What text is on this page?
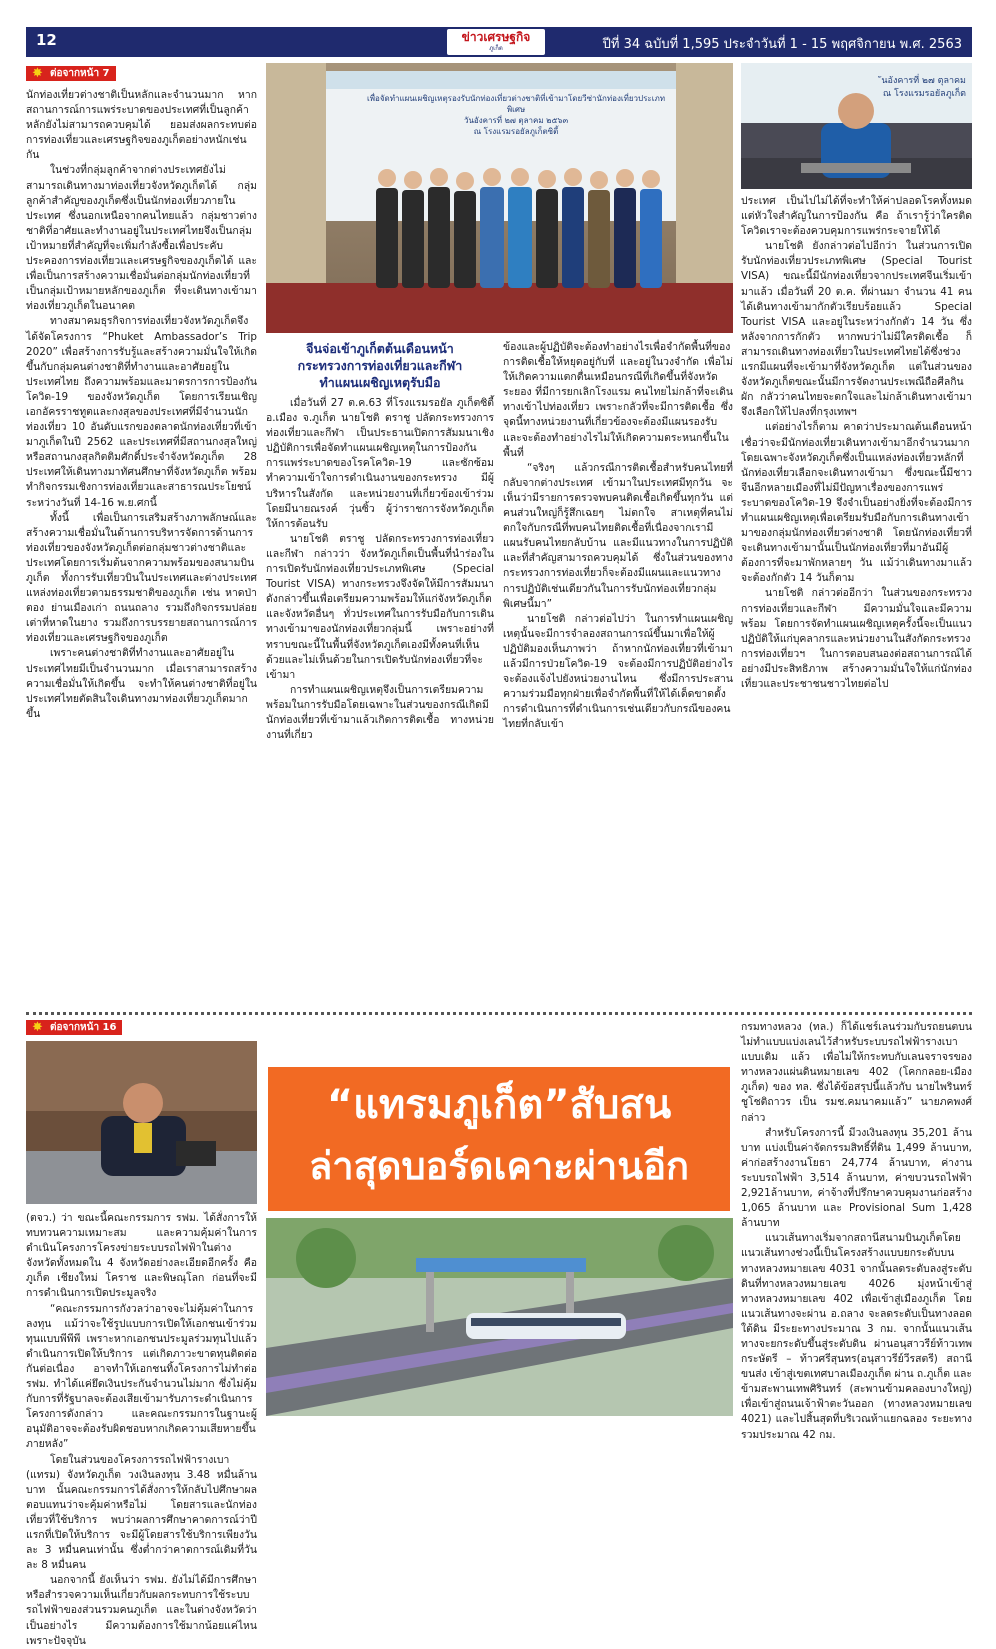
12	ข่าวเศรษฐกิจ
ภูเก็ต	ปีที่ 34 ฉบับที่ 1,595 ประจำวันที่ 1 - 15 พฤศจิกายน พ.ศ. 2563
✸ ต่อจากหน้า 7

นักท่องเที่ยวต่างชาติเป็นหลักและจำนวนมาก หากสถานการณ์การแพร่ระบาดของประเทศที่เป็นลูกค้าหลักยังไม่สามารถควบคุมได้ ยอมส่งผลกระทบต่อการท่องเที่ยวและเศรษฐกิจของภูเก็ตอย่างหนักเช่นกัน

ในช่วงที่กลุ่มลูกค้าจากต่างประเทศยังไม่สามารถเดินทางมาท่องเที่ยวจังหวัดภูเก็ตได้ กลุ่มลูกค้าสำคัญของภูเก็ตซึ่งเป็นนักท่องเที่ยวภายในประเทศ ซึ่งนอกเหนือจากคนไทยแล้ว กลุ่มชาวต่างชาติที่อาศัยและทำงานอยู่ในประเทศไทยจึงเป็นกลุ่มเป้าหมายที่สำคัญที่จะเพิ่มกำลังซื้อเพื่อประคับประคองการท่องเที่ยวและเศรษฐกิจของภูเก็ตได้ และเพื่อเป็นการสร้างความเชื่อมั่นต่อกลุ่มนักท่องเที่ยวที่เป็นกลุ่มเป้าหมายหลักของภูเก็ต ที่จะเดินทางเข้ามาท่องเที่ยวภูเก็ตในอนาคต

ทางสมาคมธุรกิจการท่องเที่ยวจังหวัดภูเก็ตจึงได้จัดโครงการ “Phuket Ambassador’s Trip 2020” เพื่อสร้างการรับรู้และสร้างความมั่นใจให้เกิดขึ้นกับกลุ่มคนต่างชาติที่ทำงานและอาศัยอยู่ในประเทศไทย ถึงความพร้อมและมาตรการการป้องกันโควิด-19 ของจังหวัดภูเก็ต โดยการเรียนเชิญเอกอัครราชทูตและกงสุลของประเทศที่มีจำนวนนักท่องเที่ยว 10 อันดับแรกของตลาดนักท่องเที่ยวที่เข้ามาภูเก็ตในปี 2562 และประเทศที่มีสถานกงสุลใหญ่ หรือสถานกงสุลกิตติมศักดิ์ประจำจังหวัดภูเก็ต 28 ประเทศให้เดินทางมาทัศนศึกษาที่จังหวัดภูเก็ต พร้อมทำกิจกรรมเชิงการท่องเที่ยวและสาธารณประโยชน์ ระหว่างวันที่ 14-16 พ.ย.ศกนี้

ทั้งนี้ เพื่อเป็นการเสริมสร้างภาพลักษณ์และสร้างความเชื่อมั่นในด้านการบริหารจัดการด้านการท่องเที่ยวของจังหวัดภูเก็ตต่อกลุ่มชาวต่างชาติและประเทศโดยการเริ่มต้นจากความพร้อมของสนามบินภูเก็ต ทั้งการรับเที่ยวบินในประเทศและต่างประเทศ แหล่งท่องเที่ยวตามธรรมชาติของภูเก็ต เช่น หาดป่าตอง ย่านเมืองเก่า ถนนถลาง รวมถึงกิจกรรมปล่อยเต่าที่หาดในยาง รวมถึงการบรรยายสถานการณ์การท่องเที่ยวและเศรษฐกิจของภูเก็ต

เพราะคนต่างชาติที่ทำงานและอาศัยอยู่ในประเทศไทยมีเป็นจำนวนมาก เมื่อเราสามารถสร้างความเชื่อมั่นให้เกิดขึ้น จะทำให้คนต่างชาติที่อยู่ในประเทศไทยตัดสินใจเดินทางมาท่องเที่ยวภูเก็ตมากขึ้น

เพื่อจัดทำแผนเผชิญเหตุรองรับนักท่องเที่ยวต่างชาติที่เข้ามาโดยวีซ่านักท่องเที่ยวประเภทพิเศษ
วันอังคารที่ ๒๗ ตุลาคม ๒๕๖๓
ณ โรงแรมรอยัลภูเก็ตซิตี้
ันอังคารที่ ๒๗ ตุลาคม
ณ โรงแรมรอยัลภูเก็ต

ประเทศ เป็นไปไม่ได้ที่จะทำให้ค่าปลอดโรคทั้งหมด แต่หัวใจสำคัญในการป้องกัน คือ ถ้าเรารู้ว่าใครติดโควิดเราจะต้องควบคุมการแพร่กระจายให้ได้

นายโชติ ยังกล่าวต่อไปอีกว่า ในส่วนการเปิดรับนักท่องเที่ยวประเภทพิเศษ (Special Tourist VISA) ขณะนี้มีนักท่องเที่ยวจากประเทศจีนเริ่มเข้ามาแล้ว เมื่อวันที่ 20 ต.ค. ที่ผ่านมา จำนวน 41 คน ได้เดินทางเข้ามากักตัวเรียบร้อยแล้ว Special Tourist VISA และอยู่ในระหว่างกักตัว 14 วัน ซึ่งหลังจากการกักตัว หากพบว่าไม่มีใครติดเชื้อ ก็สามารถเดินทางท่องเที่ยวในประเทศไทยได้ซึ่งช่วงแรกมีแผนที่จะเข้ามาที่จังหวัดภูเก็ต แต่ในส่วนของจังหวัดภูเก็ตขณะนั้นมีการจัดงานประเพณีถือศีลกินผัก กลัวว่าคนไทยจะตกใจและไม่กล้าเดินทางเข้ามา จึงเลือกให้ไปลงที่กรุงเทพฯ

แต่อย่างไรก็ตาม คาดว่าประมาณต้นเดือนหน้าเชื่อว่าจะมีนักท่องเที่ยวเดินทางเข้ามาอีกจำนวนมากโดยเฉพาะจังหวัดภูเก็ตซึ่งเป็นแหล่งท่องเที่ยวหลักที่นักท่องเที่ยวเลือกจะเดินทางเข้ามา ซึ่งขณะนี้มีชาวจีนอีกหลายเมืองที่ไม่มีปัญหาเรื่องของการแพร่ระบาดของโควิด-19 จึงจำเป็นอย่างยิ่งที่จะต้องมีการทำแผนเผชิญเหตุเพื่อเตรียมรับมือกับการเดินทางเข้ามาของกลุ่มนักท่องเที่ยวต่างชาติ โดยนักท่องเที่ยวที่จะเดินทางเข้ามานั้นเป็นนักท่องเที่ยวที่มาอันมีผู้ ต้องการที่จะมาพักหลายๆ วัน แม้ว่าเดินทางมาแล้วจะต้องกักตัว 14 วันก็ตาม

นายโชติ กล่าวต่ออีกว่า ในส่วนของกระทรวงการท่องเที่ยวและกีฬา มีความมั่นใจและมีความพร้อม โดยการจัดทำแผนเผชิญเหตุครั้งนี้จะเป็นแนวปฏิบัติให้แก่บุคลากรและหน่วยงานในสังกัดกระทรวงการท่องเที่ยวฯ ในการตอบสนองต่อสถานการณ์ได้อย่างมีประสิทธิภาพ สร้างความมั่นใจให้แก่นักท่องเที่ยวและประชาชนชาวไทยต่อไป

จีนจ่อเข้าภูเก็ตต้นเดือนหน้า
กระทรวงการท่องเที่ยวและกีฬา
ทำแผนเผชิญเหตุรับมือ

เมื่อวันที่ 27 ต.ค.63 ที่โรงแรมรอยัล ภูเก็ตซิตี้ อ.เมือง จ.ภูเก็ต นายโชติ ตราชู ปลัดกระทรวงการท่องเที่ยวและกีฬา เป็นประธานเปิดการสัมมนาเชิงปฏิบัติการเพื่อจัดทำแผนเผชิญเหตุในการป้องกันการแพร่ระบาดของโรคโควิด-19 และซักซ้อมทำความเข้าใจการดำเนินงานของกระทรวง มีผู้บริหารในสังกัด และหน่วยงานที่เกี่ยวข้องเข้าร่วม โดยมีนายณรงค์ วุ่นซิ้ว ผู้ว่าราชการจังหวัดภูเก็ต ให้การต้อนรับ

นายโชติ ตราชู ปลัดกระทรวงการท่องเที่ยวและกีฬา กล่าวว่า จังหวัดภูเก็ตเป็นพื้นที่นำร่องในการเปิดรับนักท่องเที่ยวประเภทพิเศษ (Special Tourist VISA) ทางกระทรวงจึงจัดให้มีการสัมมนาดังกล่าวขึ้นเพื่อเตรียมความพร้อมให้แก่จังหวัดภูเก็ต และจังหวัดอื่นๆ ทั่วประเทศในการรับมือกับการเดินทางเข้ามาของนักท่องเที่ยวกลุ่มนี้ เพราะอย่างที่ทราบขณะนี้ในพื้นที่จังหวัดภูเก็ตเองมีทั้งคนที่เห็นด้วยและไม่เห็นด้วยในการเปิดรับนักท่องเที่ยวที่จะเข้ามา

การทำแผนเผชิญเหตุจึงเป็นการเตรียมความพร้อมในการรับมือโดยเฉพาะในส่วนของกรณีเกิดมีนักท่องเที่ยวที่เข้ามาแล้วเกิดการติดเชื้อ ทางหน่วยงานที่เกี่ยว

ข้องและผู้ปฏิบัติจะต้องทำอย่างไรเพื่อจำกัดพื้นที่ของการติดเชื้อให้หยุดอยู่กับที่ และอยู่ในวงจำกัด เพื่อไม่ให้เกิดความแตกตื่นเหมือนกรณีที่เกิดขึ้นที่จังหวัดระยอง ที่มีการยกเลิกโรงแรม คนไทยไม่กล้าที่จะเดินทางเข้าไปท่องเที่ยว เพราะกลัวที่จะมีการติดเชื้อ ซึ่งจุดนี้ทางหน่วยงานที่เกี่ยวข้องจะต้องมีแผนรองรับและจะต้องทำอย่างไรไม่ให้เกิดความตระหนกขึ้นในพื้นที่

“จริงๆ แล้วกรณีการติดเชื้อสำหรับคนไทยที่กลับจากต่างประเทศ เข้ามาในประเทศมีทุกวัน จะเห็นว่ามีรายการตรวจพบคนติดเชื้อเกิดขึ้นทุกวัน แต่คนส่วนใหญ่ก็รู้สึกเฉยๆ ไม่ตกใจ สาเหตุที่คนไม่ตกใจกับกรณีที่พบคนไทยติดเชื้อที่เนื่องจากเรามีแผนรับคนไทยกลับบ้าน และมีแนวทางในการปฏิบัติ และที่สำคัญสามารถควบคุมได้ ซึ่งในส่วนของทางกระทรวงการท่องเที่ยวก็จะต้องมีแผนและแนวทางการปฏิบัติเช่นเดียวกันในการรับนักท่องเที่ยวกลุ่มพิเศษนี้มา”

นายโชติ กล่าวต่อไปว่า ในการทำแผนเผชิญเหตุนั้นจะมีการจำลองสถานการณ์ขึ้นมาเพื่อให้ผู้ปฏิบัติมองเห็นภาพว่า ถ้าหากนักท่องเที่ยวที่เข้ามาแล้วมีการป่วยโควิด-19 จะต้องมีการปฏิบัติอย่างไร จะต้องแจ้งไปยังหน่วยงานไหน ซึ่งมีการประสานความร่วมมือทุกฝ่ายเพื่อจำกัดพื้นที่ให้ได้เด็ดขาดตั้งการดำเนินการที่ดำเนินการเช่นเดียวกับกรณีของคนไทยที่กลับเข้า

✸ ต่อจากหน้า 16
“แทรมภูเก็ต”สับสน
ล่าสุดบอร์ดเคาะผ่านอีก

(ตจว.) ว่า ขณะนี้คณะกรรมการ รฟม. ได้สั่งการให้ทบทวนความเหมาะสม และความคุ้มค่าในการดำเนินโครงการโครงข่ายระบบรถไฟฟ้าในต่างจังหวัดทั้งหมดใน 4 จังหวัดอย่างละเอียดอีกครั้ง คือ ภูเก็ต เชียงใหม่ โคราช และพิษณุโลก ก่อนที่จะมีการดำเนินการเปิดประมูลจริง

“คณะกรรมการกังวลว่าอาจจะไม่คุ้มค่าในการลงทุน แม้ว่าจะใช้รูปแบบการเปิดให้เอกชนเข้าร่วมทุนแบบพีพีพี เพราะหากเอกชนประมูลร่วมทุนไปแล้ว ดำเนินการเปิดให้บริการ แต่เกิดภาวะขาดทุนติดต่อกันต่อเนื่อง อาจทำให้เอกชนทิ้งโครงการไม่ทำต่อ รฟม. ทำได้แค่ยึดเงินประกันจำนวนไม่มาก ซึ่งไม่คุ้มกับการที่รัฐบาลจะต้องเสียเข้ามารับภาระดำเนินการโครงการดังกล่าว และคณะกรรมการในฐานะผู้อนุมัติอาจจะต้องรับผิดชอบหากเกิดความเสียหายขึ้นภายหลัง”

โดยในส่วนของโครงการรถไฟฟ้ารางเบา (แทรม) จังหวัดภูเก็ต วงเงินลงทุน 3.48 หมื่นล้านบาท นั้นคณะกรรมการได้สั่งการให้กลับไปศึกษาผลตอบแทนว่าจะคุ้มค่าหรือไม่ โดยสารและนักท่องเที่ยวที่ใช้บริการ พบว่าผลการศึกษาคาดการณ์ว่าปีแรกที่เปิดให้บริการ จะมีผู้โดยสารใช้บริการเพียงวันละ 3 หมื่นคนเท่านั้น ซึ่งต่ำกว่าคาดการณ์เดิมที่วันละ 8 หมื่นคน

นอกจากนี้ ยังเห็นว่า รฟม. ยังไม่ได้มีการศึกษาหรือสำรวจความเห็นเกี่ยวกับผลกระทบการใช้ระบบรถไฟฟ้าของส่วนรวมคนภูเก็ต และในต่างจังหวัดว่าเป็นอย่างไร มีความต้องการใช้มากน้อยแค่ไหน เพราะปัจจุบัน

กรมทางหลวง (ทล.) ก็ได้แชร์เลนร่วมกับรถยนตบน ไม่ทำแบบแบ่งเลนไว้สำหรับระบบรถไฟฟ้ารางเบาแบบเดิม แล้ว เพื่อไม่ให้กระทบกับเลนจราจรของทางหลวงแผ่นดินหมายเลข 402 (โคกกลอย-เมืองภูเก็ต) ของ ทล. ซึ่งได้ข้อสรุปนี้แล้วกับ นายไพรินทร์ ชูโชติถาวร เป็น รมช.คมนาคมแล้ว” นายภคพงศ์กล่าว

สำหรับโครงการนี้ มีวงเงินลงทุน 35,201 ล้านบาท แบ่งเป็นค่าจัดกรรมสิทธิ์ที่ดิน 1,499 ล้านบาท, ค่าก่อสร้างงานโยธา 24,774 ล้านบาท, ค่างานระบบรถไฟฟ้า 3,514 ล้านบาท, ค่าขบวนรถไฟฟ้า 2,921ล้านบาท, ค่าจ้างที่ปรึกษาควบคุมงานก่อสร้าง 1,065 ล้านบาท และ Provisional Sum 1,428 ล้านบาท

แนวเส้นทางเริ่มจากสถานีสนามบินภูเก็ตโดยแนวเส้นทางช่วงนี้เป็นโครงสร้างแบบยกระดับบนทางหลวงหมายเลข 4031 จากนั้นลดระดับลงสู่ระดับดินที่ทางหลวงหมายเลข 4026 มุ่งหน้าเข้าสู่ทางหลวงหมายเลข 402 เพื่อเข้าสู่เมืองภูเก็ต โดยแนวเส้นทางจะผ่าน อ.ถลาง จะลดระดับเป็นทางลอดใต้ดิน มีระยะทางประมาณ 3 กม. จากนั้นแนวเส้นทางจะยกระดับขึ้นสู่ระดับดิน ผ่านอนุสาวรีย์ท้าวเทพกระษัตรี – ท้าวศรีสุนทร(อนุสาวรีย์วีรสตรี) สถานีขนส่ง เข้าสู่เขตเทศบาลเมืองภูเก็ต ผ่าน ถ.ภูเก็ต และข้ามสะพานเทพศิรินทร์ (สะพานข้ามคลองบางใหญ่) เพื่อเข้าสู่ถนนเจ้าฟ้าตะวันออก (ทางหลวงหมายเลข 4021) และไปสิ้นสุดที่บริเวณห้าแยกฉลอง ระยะทางรวมประมาณ 42 กม.
